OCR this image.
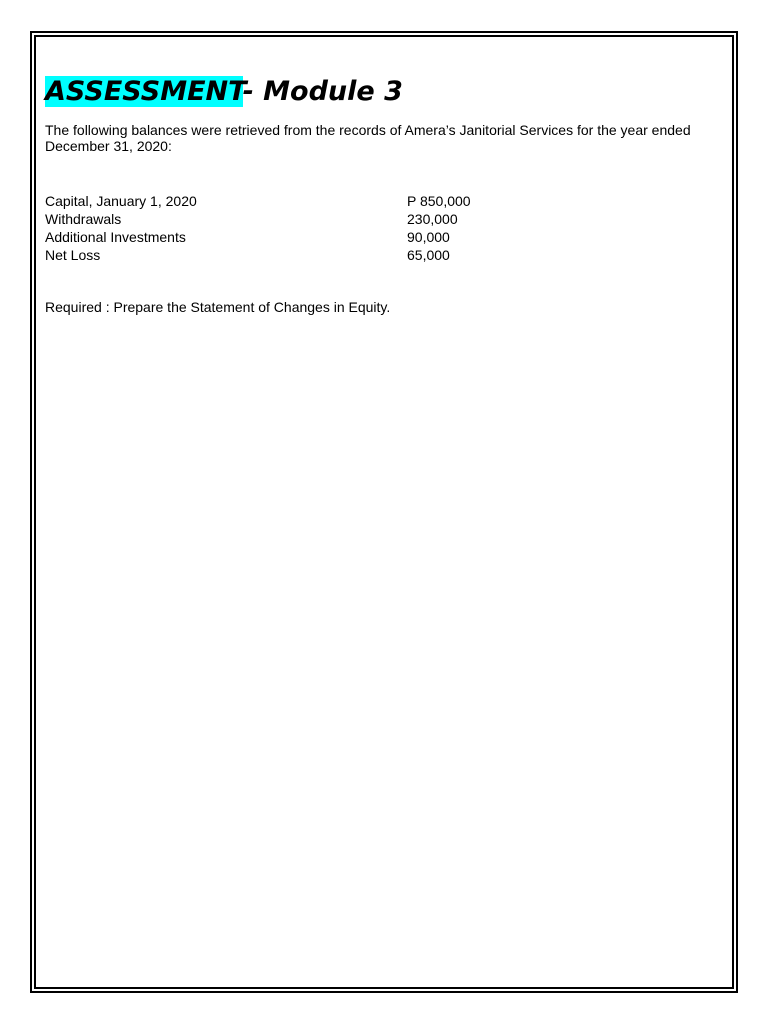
ASSESSMENT- Module 3

The following balances were retrieved from the records of Amera’s Janitorial Services for the year ended December 31, 2020:

Capital, January 1, 2020	P 850,000
Withdrawals	230,000
Additional Investments	90,000
Net Loss	65,000

Required : Prepare the Statement of Changes in Equity.
